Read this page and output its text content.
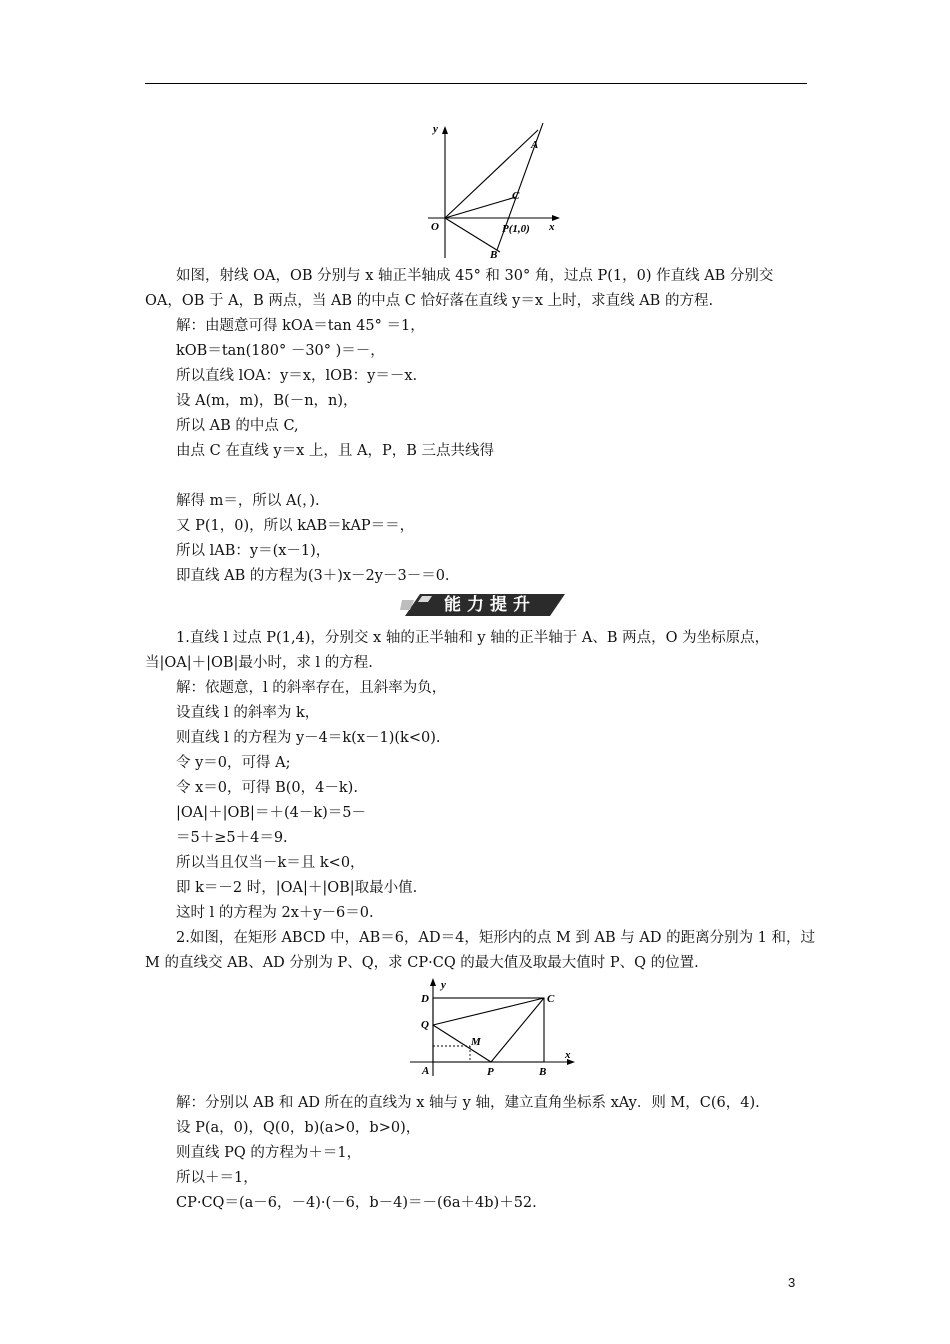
y
x
O
A
C
B
P(1,0)
如图，射线 OA，OB 分别与 x 轴正半轴成 45° 和 30° 角，过点 P(1，0) 作直线 AB 分别交
OA，OB 于 A，B 两点，当 AB 的中点 C 恰好落在直线 y＝x 上时，求直线 AB 的方程.
解：由题意可得 kOA＝tan 45° ＝1，
kOB＝tan(180° －30° )＝－，
所以直线 lOA：y＝x，lOB：y＝－x.
设 A(m，m)，B(－n，n)，
所以 AB 的中点 C,
由点 C 在直线 y＝x 上，且 A，P，B 三点共线得
解得 m＝，所以 A(，).
又 P(1，0)，所以 kAB＝kAP＝＝，
所以 lAB：y＝(x－1)，
即直线 AB 的方程为(3＋)x－2y－3－＝0.
能力提升
1.直线 l 过点 P(1,4)，分别交 x 轴的正半轴和 y 轴的正半轴于 A、B 两点，O 为坐标原点，
当|OA|＋|OB|最小时，求 l 的方程.
解：依题意，l 的斜率存在，且斜率为负，
设直线 l 的斜率为 k，
则直线 l 的方程为 y－4＝k(x－1)(k<0).
令 y＝0，可得 A;
令 x＝0，可得 B(0，4－k).
|OA|＋|OB|＝＋(4－k)＝5－
＝5＋≥5＋4＝9.
所以当且仅当－k＝且 k<0，
即 k＝－2 时，|OA|＋|OB|取最小值.
这时 l 的方程为 2x＋y－6＝0.
2.如图，在矩形 ABCD 中，AB＝6，AD＝4，矩形内的点 M 到 AB 与 AD 的距离分别为 1 和，过
M 的直线交 AB、AD 分别为 P、Q，求 CP·CQ 的最大值及取最大值时 P、Q 的位置.
y
x
D	C
Q
M
A	P	B
解：分别以 AB 和 AD 所在的直线为 x 轴与 y 轴，建立直角坐标系 xAy．则 M，C(6，4).
设 P(a，0)，Q(0，b)(a>0，b>0)，
则直线 PQ 的方程为＋＝1，
所以＋＝1，
CP·CQ＝(a－6，－4)·(－6，b－4)＝－(6a＋4b)＋52.
3
